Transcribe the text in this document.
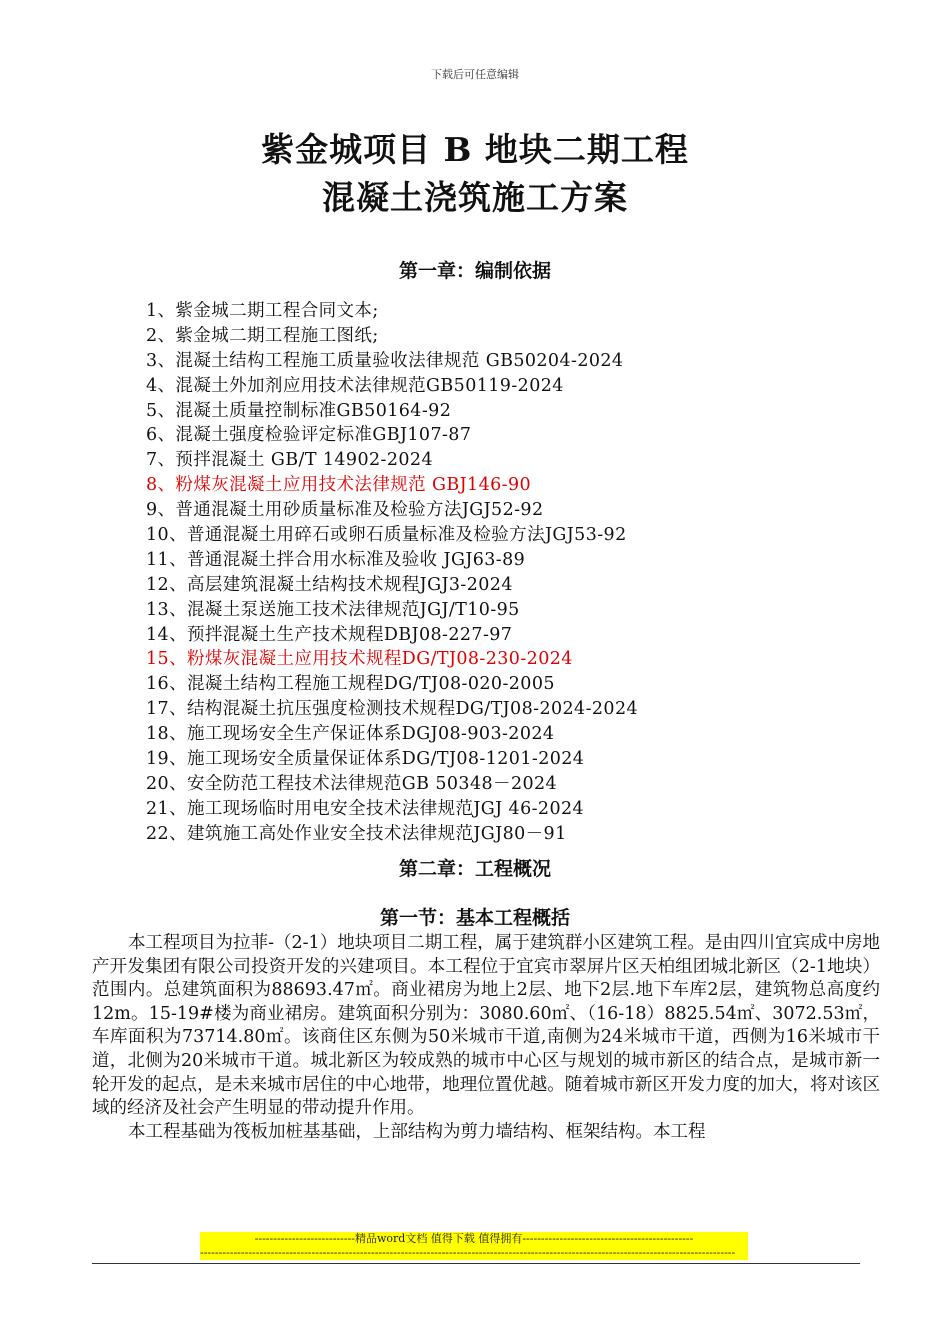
下载后可任意编辑
紫金城项目 B 地块二期工程
混凝土浇筑施工方案
第一章：编制依据
1、紫金城二期工程合同文本;
2、紫金城二期工程施工图纸;
3、混凝土结构工程施工质量验收法律规范 GB50204-2024
4、混凝土外加剂应用技术法律规范GB50119-2024
5、混凝土质量控制标准GB50164-92
6、混凝土强度检验评定标准GBJ107-87
7、预拌混凝土 GB/T 14902-2024
8、粉煤灰混凝土应用技术法律规范 GBJ146-90
9、普通混凝土用砂质量标准及检验方法JGJ52-92
10、普通混凝土用碎石或卵石质量标准及检验方法JGJ53-92
11、普通混凝土拌合用水标准及验收 JGJ63-89
12、高层建筑混凝土结构技术规程JGJ3-2024
13、混凝土泵送施工技术法律规范JGJ/T10-95
14、预拌混凝土生产技术规程DBJ08-227-97
15、粉煤灰混凝土应用技术规程DG/TJ08-230-2024
16、混凝土结构工程施工规程DG/TJ08-020-2005
17、结构混凝土抗压强度检测技术规程DG/TJ08-2024-2024
18、施工现场安全生产保证体系DGJ08-903-2024
19、施工现场安全质量保证体系DG/TJ08-1201-2024
20、安全防范工程技术法律规范GB 50348－2024
21、施工现场临时用电安全技术法律规范JGJ 46-2024
22、建筑施工高处作业安全技术法律规范JGJ80－91
第二章：工程概况
第一节：基本工程概括

本工程项目为拉菲-（2-1）地块项目二期工程，属于建筑群小区建筑工程。是由四川宜宾成中房地产开发集团有限公司投资开发的兴建项目。本工程位于宜宾市翠屏片区天柏组团城北新区（2-1地块）范围内。总建筑面积为88693.47㎡。商业裙房为地上2层、地下2层.地下车库2层，建筑物总高度约12m。15-19#楼为商业裙房。建筑面积分别为：3080.60㎡、（16-18）8825.54㎡、3072.53㎡，车库面积为73714.80㎡。该商住区东侧为50米城市干道,南侧为24米城市干道，西侧为16米城市干道，北侧为20米城市干道。城北新区为较成熟的城市中心区与规划的城市新区的结合点，是城市新一轮开发的起点，是未来城市居住的中心地带，地理位置优越。随着城市新区开发力度的加大，将对该区域的经济及社会产生明显的带动提升作用。

本工程基础为筏板加桩基基础，上部结构为剪力墙结构、框架结构。本工程

---------------------------精品word文档 值得下载 值得拥有----------------------------------------------
------------------------------------------------------------------------------------------------------------------------------------------------
